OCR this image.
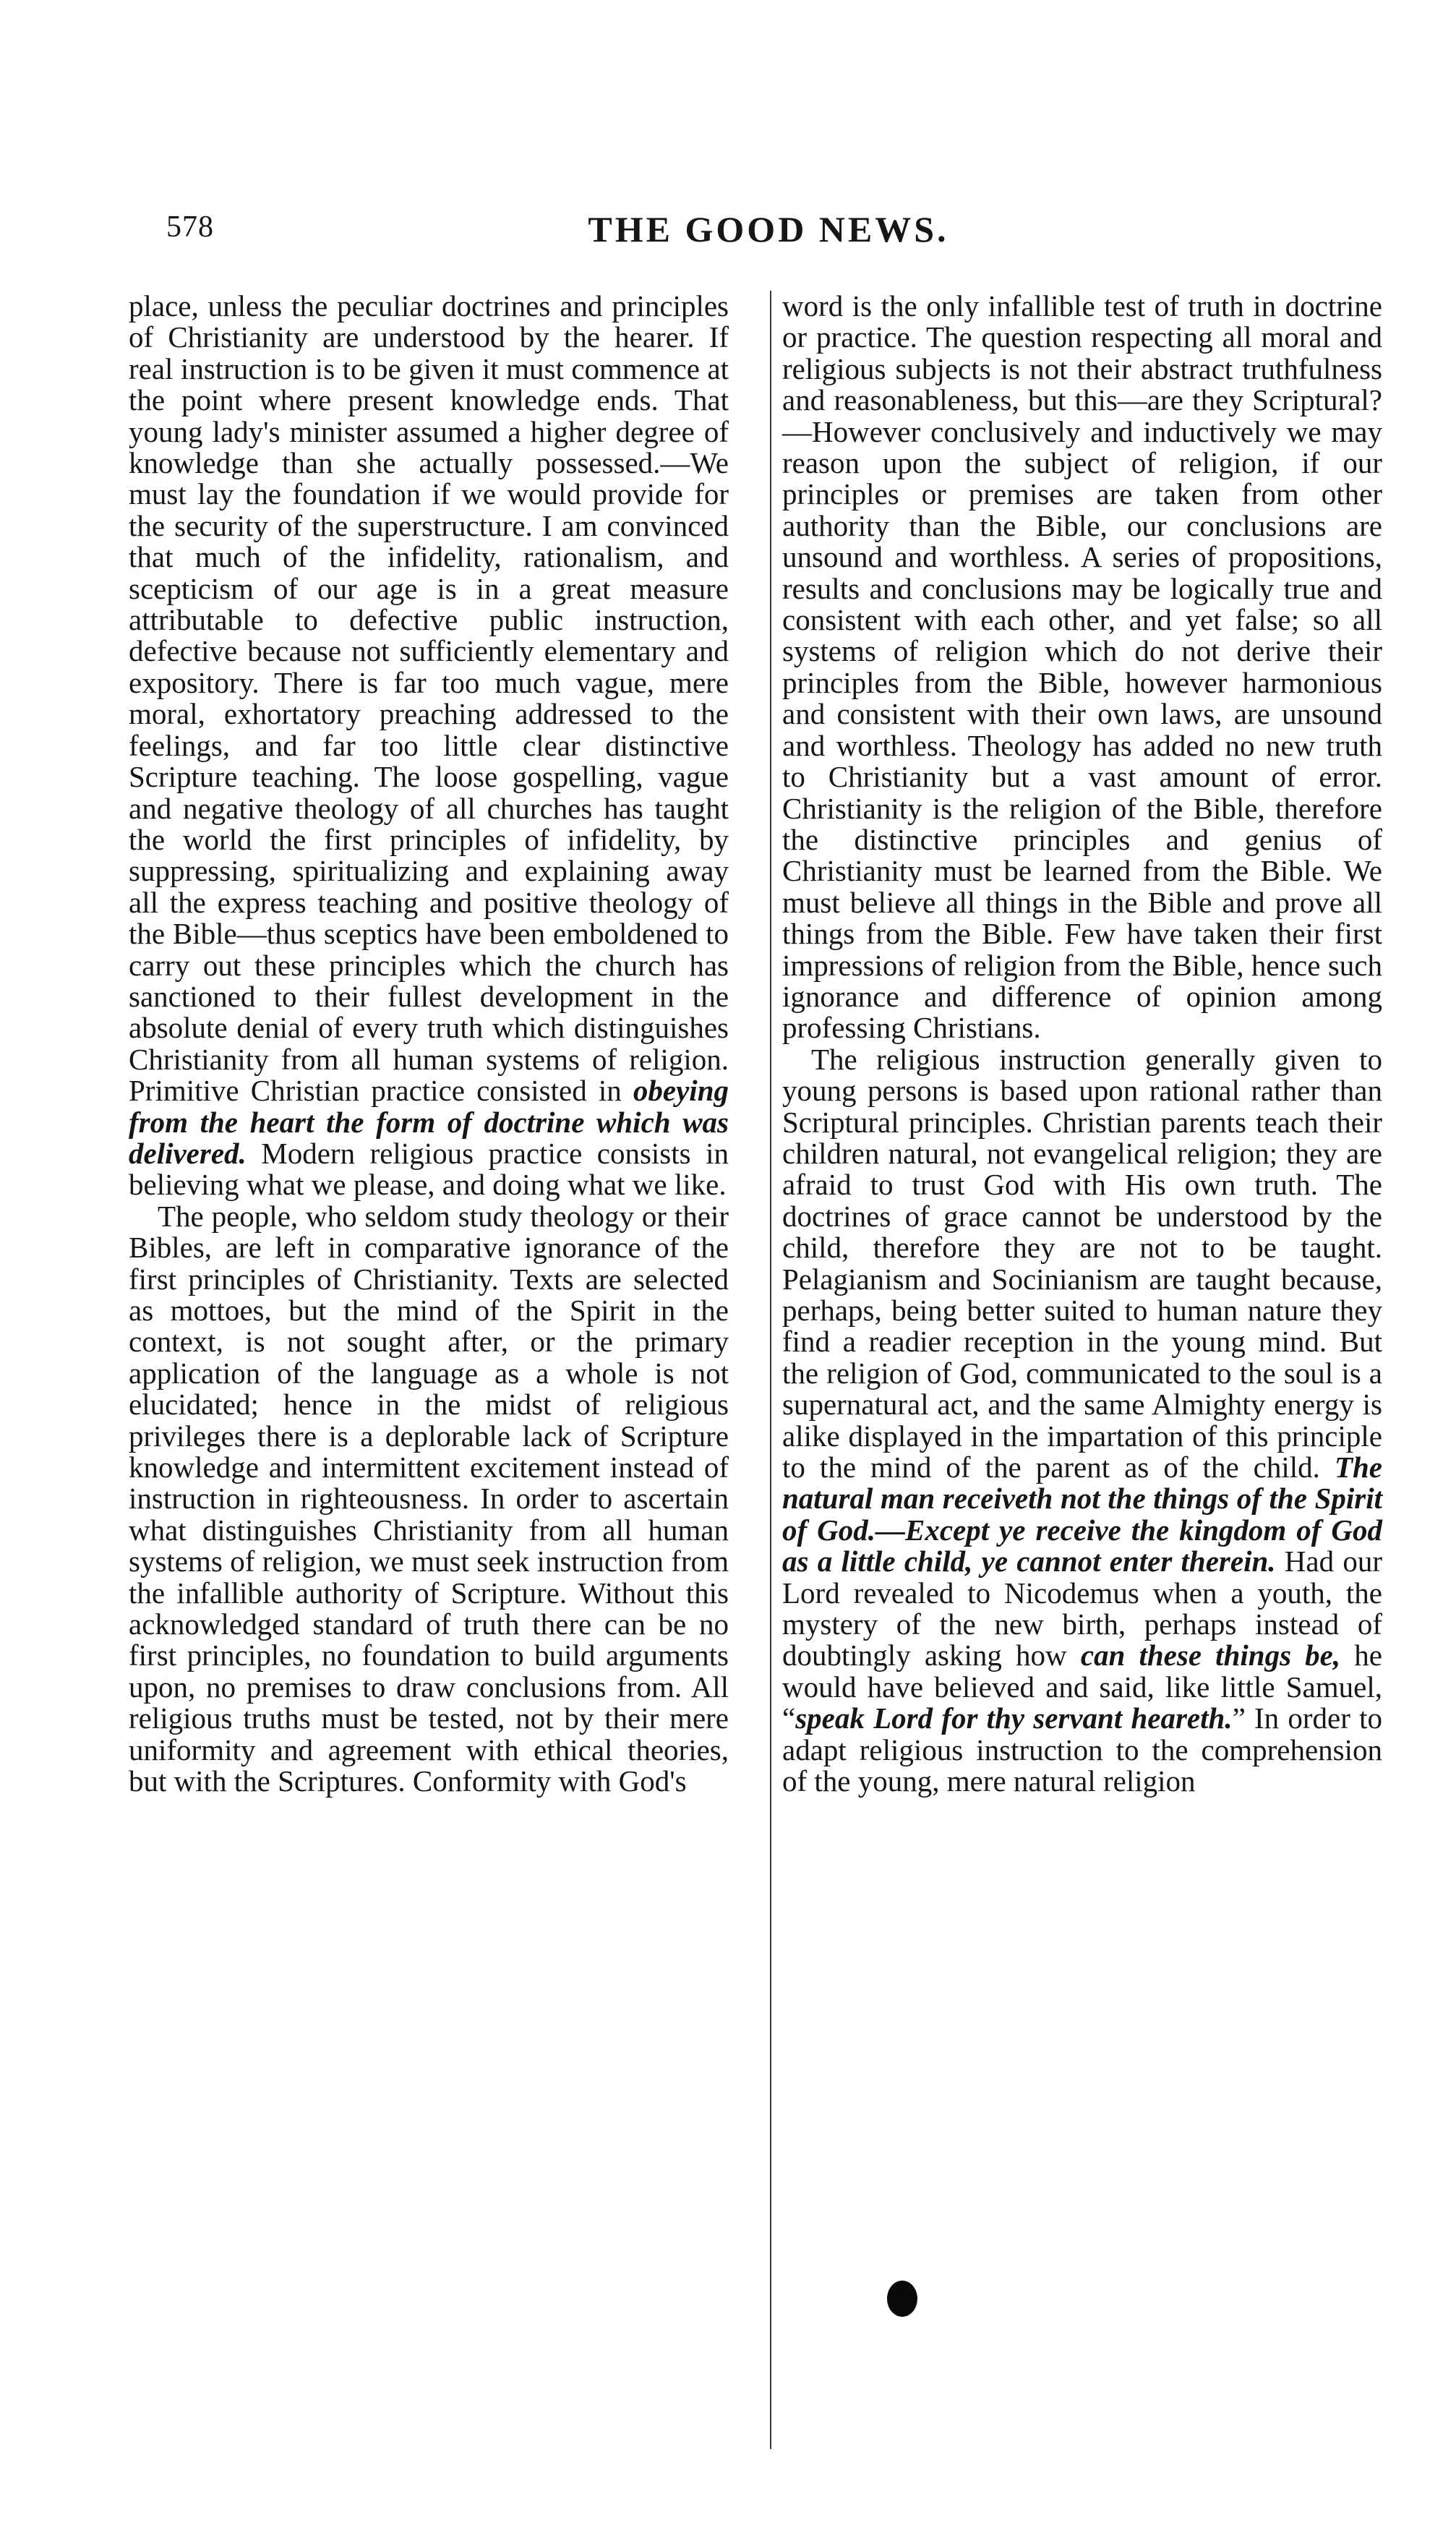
578	THE GOOD NEWS.

place, unless the peculiar doctrines and principles of Christianity are understood by the hearer. If real instruction is to be given it must commence at the point where present knowledge ends. That young lady's minister assumed a higher degree of knowledge than she actually possessed.—We must lay the foundation if we would provide for the security of the superstructure. I am convinced that much of the infidelity, rationalism, and scepticism of our age is in a great measure attributable to defective public instruction, defective because not sufficiently elementary and expository. There is far too much vague, mere moral, exhortatory preaching addressed to the feelings, and far too little clear distinctive Scripture teaching. The loose gospelling, vague and negative theology of all churches has taught the world the first principles of infidelity, by suppressing, spiritualizing and explaining away all the express teaching and positive theology of the Bible—thus sceptics have been emboldened to carry out these principles which the church has sanctioned to their fullest development in the absolute denial of every truth which distinguishes Christianity from all human systems of religion. Primitive Christian practice consisted in obeying from the heart the form of doctrine which was delivered. Modern religious practice consists in believing what we please, and doing what we like.

The people, who seldom study theology or their Bibles, are left in comparative ignorance of the first principles of Christianity. Texts are selected as mottoes, but the mind of the Spirit in the context, is not sought after, or the primary application of the language as a whole is not elucidated; hence in the midst of religious privileges there is a deplorable lack of Scripture knowledge and intermittent excitement instead of instruction in righteousness. In order to ascertain what distinguishes Christianity from all human systems of religion, we must seek instruction from the infallible authority of Scripture. Without this acknowledged standard of truth there can be no first principles, no foundation to build arguments upon, no premises to draw conclusions from. All religious truths must be tested, not by their mere uniformity and agreement with ethical theories, but with the Scriptures. Conformity with God's

word is the only infallible test of truth in doctrine or practice. The question respecting all moral and religious subjects is not their abstract truthfulness and reasonableness, but this—are they Scriptural?—However conclusively and inductively we may reason upon the subject of religion, if our principles or premises are taken from other authority than the Bible, our conclusions are unsound and worthless. A series of propositions, results and conclusions may be logically true and consistent with each other, and yet false; so all systems of religion which do not derive their principles from the Bible, however harmonious and consistent with their own laws, are unsound and worthless. Theology has added no new truth to Christianity but a vast amount of error. Christianity is the religion of the Bible, therefore the distinctive principles and genius of Christianity must be learned from the Bible. We must believe all things in the Bible and prove all things from the Bible. Few have taken their first impressions of religion from the Bible, hence such ignorance and difference of opinion among professing Christians.

The religious instruction generally given to young persons is based upon rational rather than Scriptural principles. Christian parents teach their children natural, not evangelical religion; they are afraid to trust God with His own truth. The doctrines of grace cannot be understood by the child, therefore they are not to be taught. Pelagianism and Socinianism are taught because, perhaps, being better suited to human nature they find a readier reception in the young mind. But the religion of God, communicated to the soul is a supernatural act, and the same Almighty energy is alike displayed in the impartation of this principle to the mind of the parent as of the child. The natural man receiveth not the things of the Spirit of God.—Except ye receive the kingdom of God as a little child, ye cannot enter therein. Had our Lord revealed to Nicodemus when a youth, the mystery of the new birth, perhaps instead of doubtingly asking how can these things be, he would have believed and said, like little Samuel, “speak Lord for thy servant heareth.” In order to adapt religious instruction to the comprehension of the young, mere natural religion
